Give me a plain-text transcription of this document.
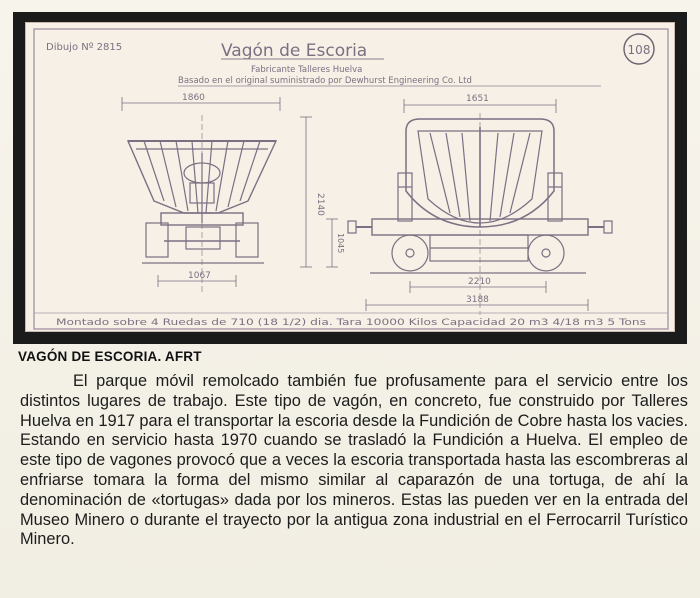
Dibujo Nº 2815	Vagón de Escoria
Fabricante Talleres Huelva
Basado en el original suministrado por Dewhurst Engineering Co. Ltd
108
1860
1067
2140
1045
1651
2210
3188
Montado sobre 4 Ruedas de 710 (18 1/2) dia. Tara 10000 Kilos Capacidad 20 m3 4/18 m3 5 Tons

VAGÓN DE ESCORIA. AFRT

El parque móvil remolcado también fue profusamente para el servicio entre los distintos lugares de trabajo. Este tipo de vagón, en concreto, fue construido por Talleres Huelva en 1917 para el transportar la escoria desde la Fundición de Cobre hasta los vacies. Estando en servicio hasta 1970 cuando se trasladó la Fundición a Huelva. El empleo de este tipo de vagones provocó que a veces la escoria transportada hasta las escombreras al enfriarse tomara la forma del mismo similar al caparazón de una tortuga, de ahí la denominación de «tortugas» dada por los mineros. Estas las pueden ver en la entrada del Museo Minero o durante el trayecto por la antigua zona industrial en el Ferrocarril Turístico Minero.
